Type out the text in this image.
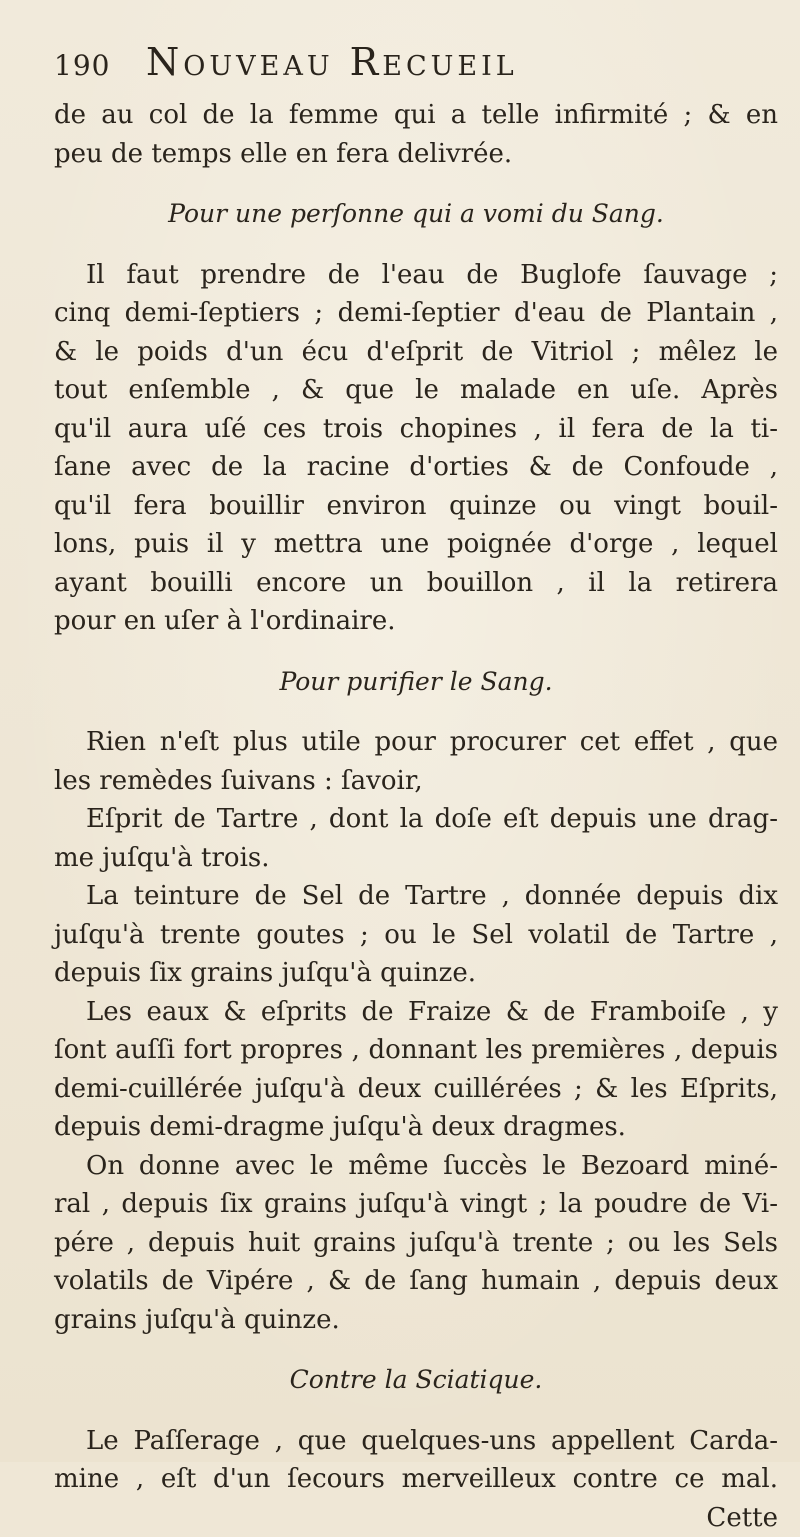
190 Nouveau Recueil

de au col de la femme qui a telle infirmité ; & en

peu de temps elle en fera delivrée.

Pour une perſonne qui a vomi du Sang.

Il faut prendre de l'eau de Buglofe ſauvage ;

cinq demi-ſeptiers ; demi-ſeptier d'eau de Plantain ,

& le poids d'un écu d'eſprit de Vitriol ; mêlez le

tout enſemble , & que le malade en uſe. Après

qu'il aura uſé ces trois chopines , il fera de la ti-

ſane avec de la racine d'orties & de Confoude ,

qu'il fera bouillir environ quinze ou vingt bouil-

lons, puis il y mettra une poignée d'orge , lequel

ayant bouilli encore un bouillon , il la retirera

pour en uſer à l'ordinaire.

Pour purifier le Sang.

Rien n'eſt plus utile pour procurer cet effet , que

les remèdes ſuivans : ſavoir,

Eſprit de Tartre , dont la doſe eſt depuis une drag-

me juſqu'à trois.

La teinture de Sel de Tartre , donnée depuis dix

juſqu'à trente goutes ; ou le Sel volatil de Tartre ,

depuis ſix grains juſqu'à quinze.

Les eaux & eſprits de Fraize & de Framboiſe , y

ſont auſſi fort propres , donnant les premières , depuis

demi-cuillérée juſqu'à deux cuillérées ; & les Eſprits,

depuis demi-dragme juſqu'à deux dragmes.

On donne avec le même ſuccès le Bezoard miné-

ral , depuis ſix grains juſqu'à vingt ; la poudre de Vi-

pére , depuis huit grains juſqu'à trente ; ou les Sels

volatils de Vipére , & de ſang humain , depuis deux

grains juſqu'à quinze.

Contre la Sciatique.

Le Paſſerage , que quelques-uns appellent Carda-

mine , eſt d'un ſecours merveilleux contre ce mal.

Cette
